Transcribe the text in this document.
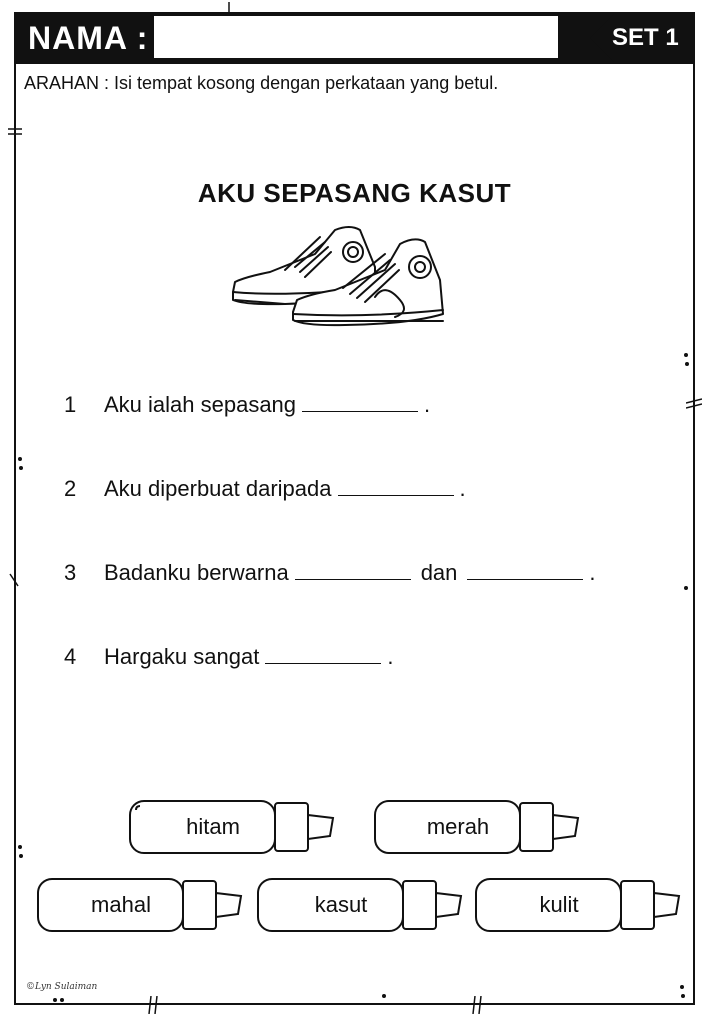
NAMA :	SET 1
ARAHAN : Isi tempat kosong dengan perkataan yang betul.
AKU SEPASANG KASUT
1 Aku ialah sepasang	.
2 Aku diperbuat daripada	.
3 Badanku berwarna	dan	.
4 Hargaku sangat	.
hitam	merah
mahal	kasut	kulit
©Lyn Sulaiman
